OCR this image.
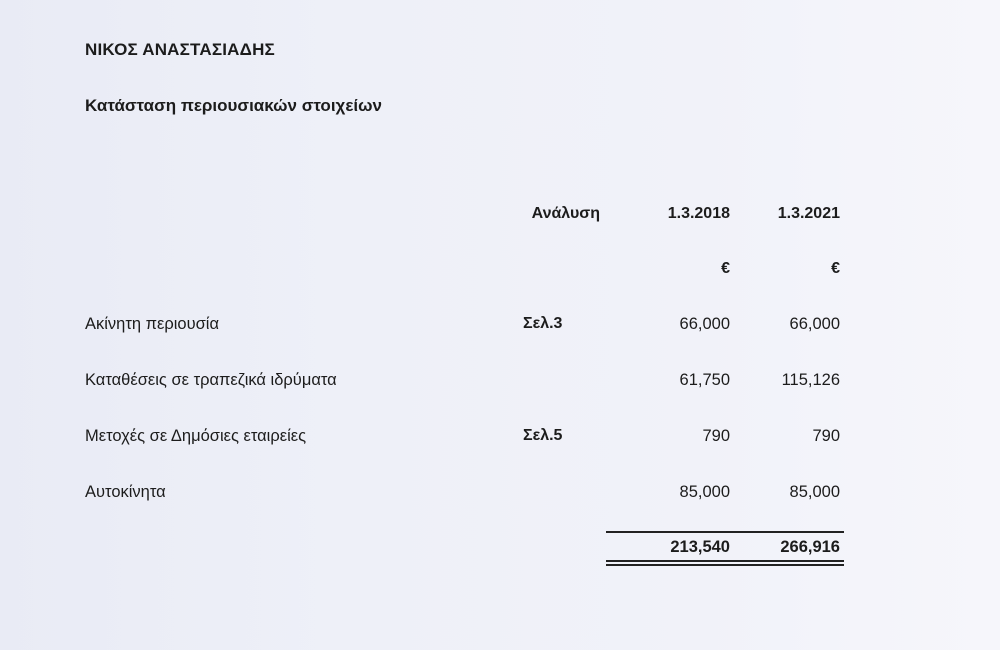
ΝΙΚΟΣ ΑΝΑΣΤΑΣΙΑΔΗΣ
Κατάσταση περιουσιακών στοιχείων
Ανάλυση	1.3.2018	1.3.2021
€	€
Ακίνητη περιουσία	Σελ.3	66,000	66,000
Καταθέσεις σε τραπεζικά ιδρύματα	61,750	115,126
Μετοχές σε Δημόσιες εταιρείες	Σελ.5	790	790
Αυτοκίνητα	85,000	85,000
213,540	266,916
